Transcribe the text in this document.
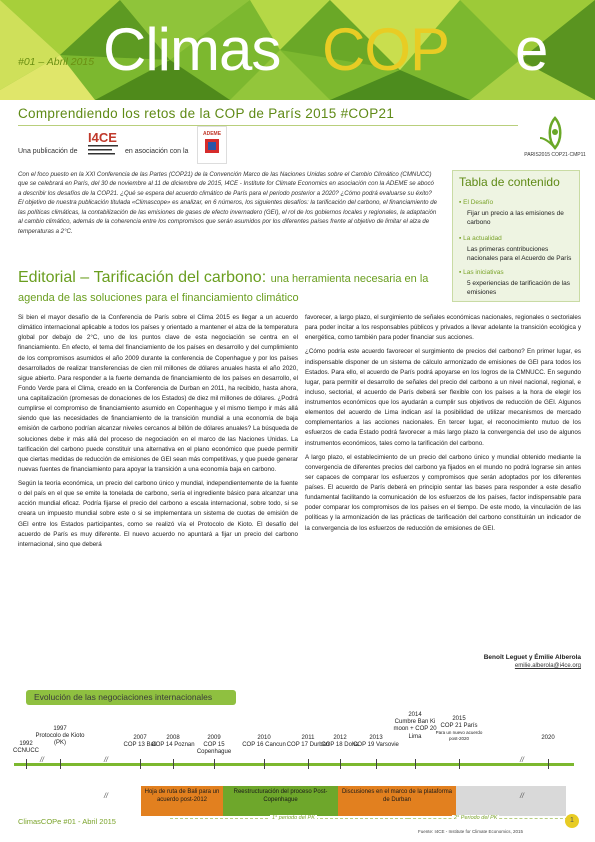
#01 – Abril 2015 Climas COP e
Comprendiendo los retos de la COP de París 2015 #COP21
Una publicación de
I4CE
en asociación con la
ADEME
PARIS2015 COP21·CMP11
Con el foco puesto en la XXI Conferencia de las Partes (COP21) de la Convención Marco de las Naciones Unidas sobre el Cambio Climático (CMNUCC) que se celebrará en París, del 30 de noviembre al 11 de diciembre de 2015, I4CE - Institute for Climate Economics en asociación con la ADEME se abocó a describir los desafíos de la COP21. ¿Qué se espera del acuerdo climático de París para el periodo posterior a 2020? ¿Cómo podrá evaluarse su éxito? El objetivo de nuestra publicación titulada «Climascope» es analizar, en 6 números, los siguientes desafíos: la tarificación del carbono, el financiamiento de las políticas climáticas, la contabilización de las emisiones de gases de efecto invernadero (GEI), el rol de los gobiernos locales y regionales, la adaptación al cambio climático, además de la coherencia entre los compromisos que serán asumidos por los diferentes países frente al objetivo de limitar el alza de temperaturas a 2°C.
Tabla de contenido
▪ El Desafío
Fijar un precio a las emisiones de carbono
▪ La actualidad
Las primeras contribuciones nacionales para el Acuerdo de París
▪ Las iniciativas
5 experiencias de tarificación de las emisiones
Editorial – Tarificación del carbono: una herramienta necesaria en la agenda de las soluciones para el financiamiento climático

Si bien el mayor desafío de la Conferencia de París sobre el Clima 2015 es llegar a un acuerdo climático internacional aplicable a todos los países y orientado a mantener el alza de la temperatura global por debajo de 2°C, uno de los puntos clave de esta negociación se centra en el financiamiento. En efecto, el tema del financiamiento de los países en desarrollo y del cumplimiento de los compromisos asumidos el año 2009 durante la conferencia de Copenhague y por los países desarrollados de realizar transferencias de cien mil millones de dólares anuales hasta el año 2020, sigue abierto. Para responder a la fuerte demanda de financiamiento de los países en desarrollo, el Fondo Verde para el Clima, creado en la Conferencia de Durban en 2011, ha recibido, hasta ahora, una capitalización (promesas de donaciones de los Estados) de diez mil millones de dólares. ¿Podrá cumplirse el compromiso de financiamiento asumido en Copenhague y el mismo tiempo ir más allá siendo que las necesidades de financiamiento de la transición mundial a una economía de baja emisión de carbono podrían alcanzar niveles cercanos al billón de dólares anuales? La búsqueda de soluciones debe ir más allá del proceso de negociación en el marco de las Naciones Unidas. La tarificación del carbono puede constituir una alternativa en el plano económico que puede permitir que ciertas medidas de reducción de emisiones de GEI sean más competitivas, y que puede generar nuevas fuentes de financiamiento para apoyar la transición a una economía baja en carbono.

Según la teoría económica, un precio del carbono único y mundial, independientemente de la fuente o del país en el que se emite la tonelada de carbono, sería el ingrediente básico para alcanzar una acción mundial eficaz. Podría fijarse el precio del carbono a escala internacional, sobre todo, si se creara un impuesto mundial sobre este o si se implementara un sistema de cuotas de emisión de GEI entre los Estados participantes, como se realizó vía el Protocolo de Kioto. El desafío del acuerdo de París es muy diferente. El nuevo acuerdo no apuntará a fijar un precio del carbono internacional, sino que deberá

favorecer, a largo plazo, el surgimiento de señales económicas nacionales, regionales o sectoriales para poder incitar a los responsables públicos y privados a llevar adelante la transición ecológica y energética, como también para poder financiar sus acciones.

¿Cómo podría este acuerdo favorecer el surgimiento de precios del carbono? En primer lugar, es indispensable disponer de un sistema de cálculo armonizado de emisiones de GEI para todos los Estados. Para ello, el acuerdo de París podrá apoyarse en los logros de la CMNUCC. En segundo lugar, para permitir el desarrollo de señales del precio del carbono a un nivel nacional, regional, e incluso, sectorial, el acuerdo de París deberá ser flexible con los países a la hora de elegir los instrumentos económicos que los ayudarán a cumplir sus objetivos de reducción de GEI. Algunos elementos del acuerdo de Lima indican así la posibilidad de utilizar mecanismos de mercado complementarios a las acciones nacionales. En tercer lugar, el reconocimiento mutuo de los esfuerzos de cada Estado podrá favorecer a más largo plazo la convergencia del uso de algunos instrumentos económicos, tales como la tarificación del carbono.

A largo plazo, el establecimiento de un precio del carbono único y mundial obtenido mediante la convergencia de diferentes precios del carbono ya fijados en el mundo no podrá lograrse sin antes ser capaces de comparar los esfuerzos y compromisos que serán adoptados por los diferentes países. El acuerdo de París deberá en principio sentar las bases para responder a este desafío fundamental facilitando la comunicación de los esfuerzos de los países, factor indispensable para poder comparar los compromisos de los países en el tiempo. De este modo, la vinculación de las políticas y la armonización de las prácticas de tarificación del carbono constituirán un indicador de la convergencia de los esfuerzos de reducción de emisiones de GEI.

Benoît Leguet y Émilie Alberola
emilie.alberola@i4ce.org
Evolución de las negociaciones internacionales
1992
CCNUCC
1997
Protocolo de Kioto (PK)
2007
COP 13 Bali
2008
COP 14 Poznan
2009
COP 15 Copenhague
2010
COP 16 Cancun
2011
COP 17 Durban
2012
COP 18 Doha
2013
COP 19 Varsovie
2014
Cumbre Ban Ki moon + COP 20 Lima
2015
COP 21 París
Para un nuevo acuerdo post-2020	2020
//	//	//
Hoja de ruta de Bali para un acuerdo post-2012
Reestructuración del proceso Post-Copenhague
Discusiones en el marco de la plataforma de Durban
//	//
1° periodo del PK	2° Periodo del PK
Fuente: I4CE - Institute for Climate Economics, 2015
ClimasCOPe #01 - Abril 2015	1
